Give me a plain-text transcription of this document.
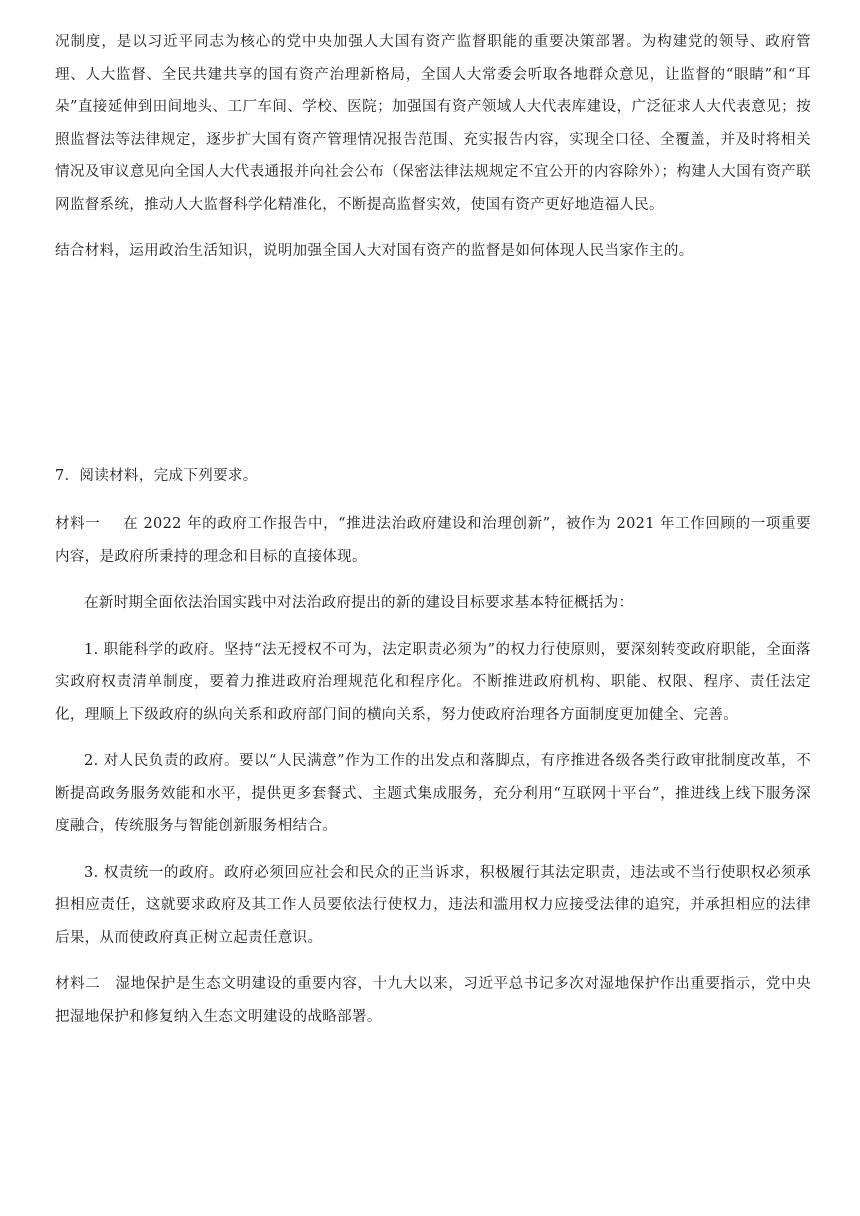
况制度，是以习近平同志为核心的党中央加强人大国有资产监督职能的重要决策部署。为构建党的领导、政府管理、人大监督、全民共建共享的国有资产治理新格局，全国人大常委会听取各地群众意见，让监督的“眼睛”和“耳朵”直接延伸到田间地头、工厂车间、学校、医院；加强国有资产领域人大代表库建设，广泛征求人大代表意见；按照监督法等法律规定，逐步扩大国有资产管理情况报告范围、充实报告内容，实现全口径、全覆盖，并及时将相关情况及审议意见向全国人大代表通报并向社会公布（保密法律法规规定不宜公开的内容除外）；构建人大国有资产联网监督系统，推动人大监督科学化精准化，不断提高监督实效，使国有资产更好地造福人民。

结合材料，运用政治生活知识，说明加强全国人大对国有资产的监督是如何体现人民当家作主的。

7．阅读材料，完成下列要求。

材料一   在 2022 年的政府工作报告中，“推进法治政府建设和治理创新”，被作为 2021 年工作回顾的一项重要内容，是政府所秉持的理念和目标的直接体现。

在新时期全面依法治国实践中对法治政府提出的新的建设目标要求基本特征概括为：

1. 职能科学的政府。坚持“法无授权不可为，法定职责必须为”的权力行使原则，要深刻转变政府职能，全面落实政府权责清单制度，要着力推进政府治理规范化和程序化。不断推进政府机构、职能、权限、程序、责任法定化，理顺上下级政府的纵向关系和政府部门间的横向关系，努力使政府治理各方面制度更加健全、完善。

2. 对人民负责的政府。要以“人民满意”作为工作的出发点和落脚点，有序推进各级各类行政审批制度改革，不断提高政务服务效能和水平，提供更多套餐式、主题式集成服务，充分利用“互联网十平台”，推进线上线下服务深度融合，传统服务与智能创新服务相结合。

3. 权责统一的政府。政府必须回应社会和民众的正当诉求，积极履行其法定职责，违法或不当行使职权必须承担相应责任，这就要求政府及其工作人员要依法行使权力，违法和滥用权力应接受法律的追究，并承担相应的法律后果，从而使政府真正树立起责任意识。

材料二  湿地保护是生态文明建设的重要内容，十九大以来，习近平总书记多次对湿地保护作出重要指示，党中央把湿地保护和修复纳入生态文明建设的战略部署。
